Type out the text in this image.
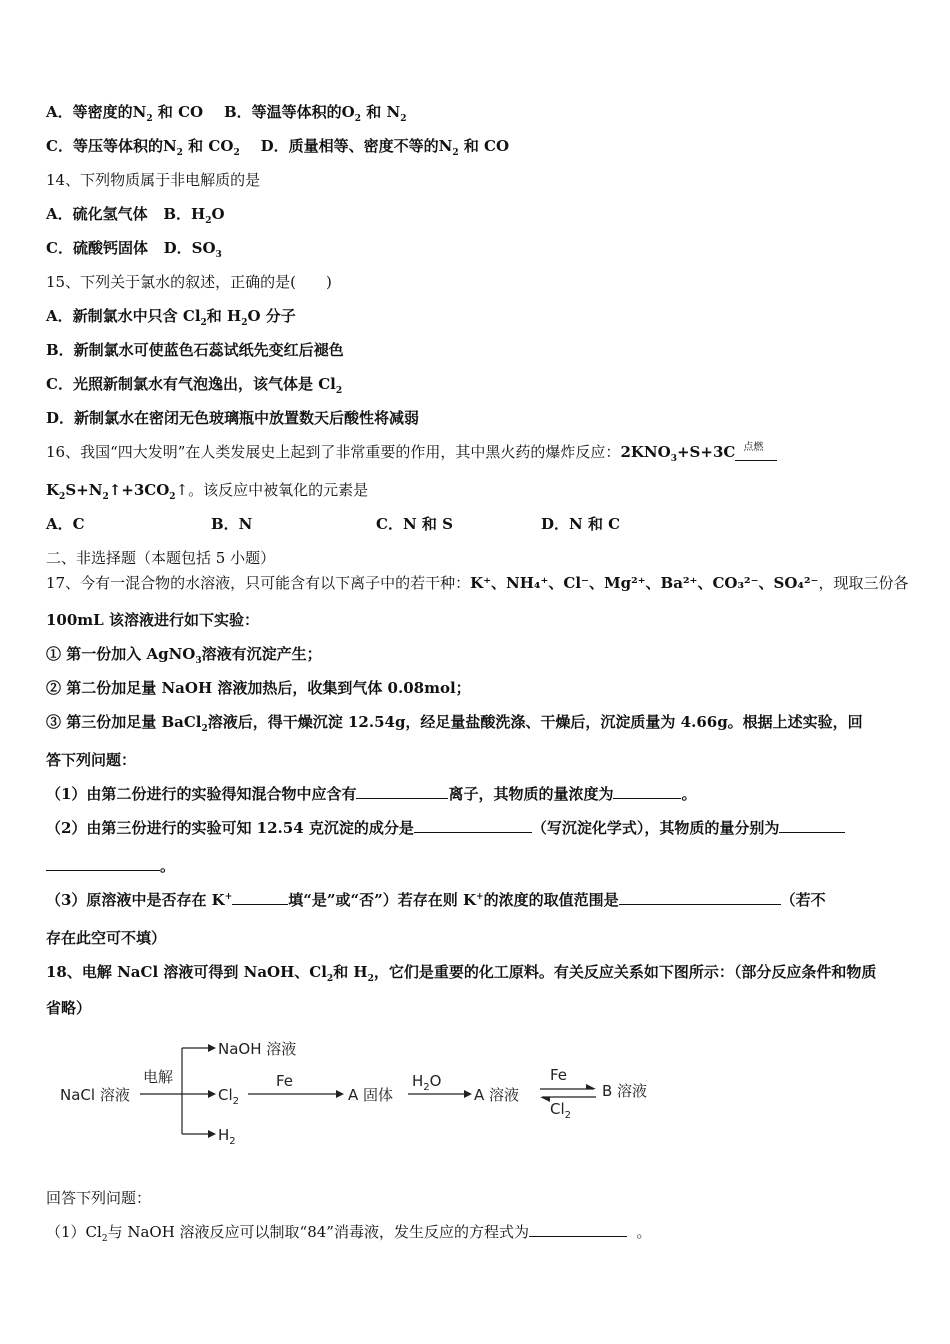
A．等密度的$N_2$ 和 CO B．等温等体积的$O_2$ 和 $N_2$
C．等压等体积的$N_2$ 和 $CO_2$ D．质量相等、密度不等的$N_2$ 和 CO
14、下列物质属于非电解质的是
A．硫化氢气体 B．$H_2O$
C．硫酸钙固体 D．$SO_3$
15、下列关于氯水的叙述，正确的是(　　)
A．新制氯水中只含 $Cl_2$和 $H_2O$ 分子
B．新制氯水可使蓝色石蕊试纸先变红后褪色
C．光照新制氯水有气泡逸出，该气体是 $Cl_2$
D．新制氯水在密闭无色玻璃瓶中放置数天后酸性将减弱
16、我国“四大发明”在人类发展史上起到了非常重要的作用，其中黑火药的爆炸反应：$2KNO_3+S+3C$ 点燃
$K_2S+N_2↑+3CO_2↑$。该反应中被氧化的元素是
A．C	B．N	C．N 和 S	D．N 和 C
二、非选择题（本题包括 5 小题）
17、今有一混合物的水溶液，只可能含有以下离子中的若干种：K⁺、NH₄⁺、Cl⁻、Mg²⁺、Ba²⁺、CO₃²⁻、SO₄²⁻，现取三份各
100mL 该溶液进行如下实验：
① 第一份加入 AgNO$_3$溶液有沉淀产生；
② 第二份加足量 NaOH 溶液加热后，收集到气体 0.08mol；
③ 第三份加足量 BaCl$_2$溶液后，得干燥沉淀 12.54g，经足量盐酸洗涤、干燥后，沉淀质量为 4.66g。根据上述实验，回
答下列问题：
（1）由第二份进行的实验得知混合物中应含有	离子，其物质的量浓度为	。
（2）由第三份进行的实验可知 12.54 克沉淀的成分是	（写沉淀化学式），其物质的量分别为
。
（3）原溶液中是否存在 K+	填“是”或“否”）若存在则 K+的浓度的取值范围是	（若不
存在此空可不填）
18、电解 NaCl 溶液可得到 NaOH、$Cl_2$和 $H_2$，它们是重要的化工原料。有关反应关系如下图所示：（部分反应条件和物质
省略）
NaCl 溶液
电解
NaOH 溶液
$Cl_2$
$H_2$
Fe
A 固体
$H_2O$
A 溶液
Fe
$Cl_2$
B 溶液
回答下列问题：
$(1)Cl_2$与 NaOH 溶液反应可以制取“84”消毒液，发生反应的方程式为	。
